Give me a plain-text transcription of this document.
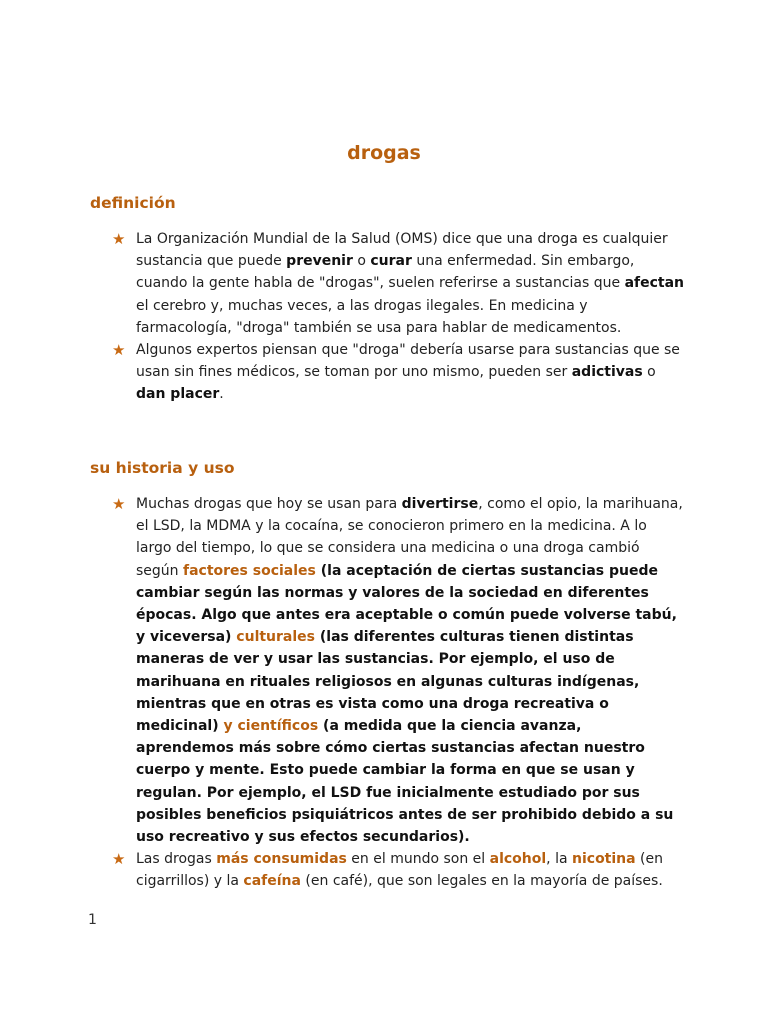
drogas
definición
★ La Organización Mundial de la Salud (OMS) dice que una droga es cualquier sustancia que puede prevenir o curar una enfermedad. Sin embargo, cuando la gente habla de "drogas", suelen referirse a sustancias que afectan el cerebro y, muchas veces, a las drogas ilegales. En medicina y farmacología, "droga" también se usa para hablar de medicamentos.
★ Algunos expertos piensan que "droga" debería usarse para sustancias que se usan sin fines médicos, se toman por uno mismo, pueden ser adictivas o dan placer.
su historia y uso
★ Muchas drogas que hoy se usan para divertirse, como el opio, la marihuana, el LSD, la MDMA y la cocaína, se conocieron primero en la medicina. A lo largo del tiempo, lo que se considera una medicina o una droga cambió según factores sociales (la aceptación de ciertas sustancias puede cambiar según las normas y valores de la sociedad en diferentes épocas. Algo que antes era aceptable o común puede volverse tabú, y viceversa) culturales (las diferentes culturas tienen distintas maneras de ver y usar las sustancias. Por ejemplo, el uso de marihuana en rituales religiosos en algunas culturas indígenas, mientras que en otras es vista como una droga recreativa o medicinal) y científicos (a medida que la ciencia avanza, aprendemos más sobre cómo ciertas sustancias afectan nuestro cuerpo y mente. Esto puede cambiar la forma en que se usan y regulan. Por ejemplo, el LSD fue inicialmente estudiado por sus posibles beneficios psiquiátricos antes de ser prohibido debido a su uso recreativo y sus efectos secundarios).
★ Las drogas más consumidas en el mundo son el alcohol, la nicotina (en cigarrillos) y la cafeína (en café), que son legales en la mayoría de países.
1
